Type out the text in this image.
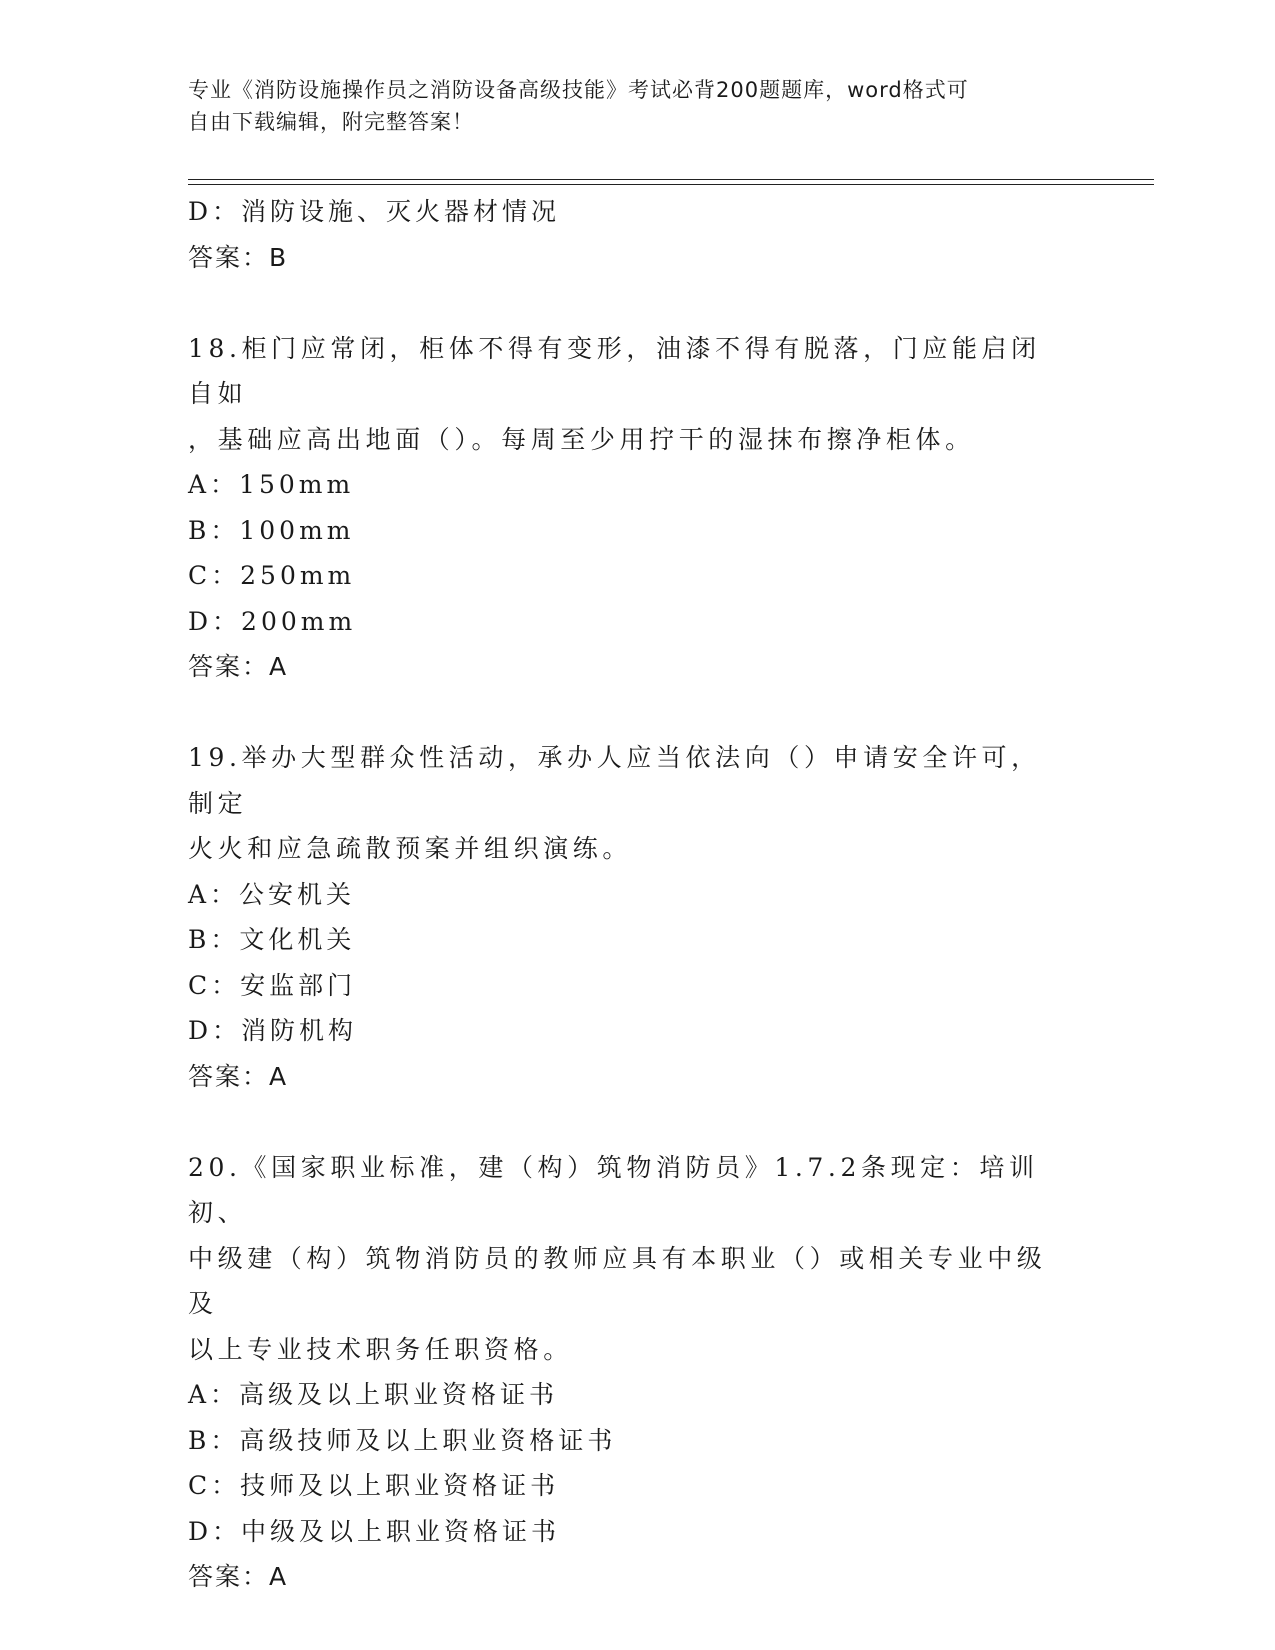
专业《消防设施操作员之消防设备高级技能》考试必背200题题库，word格式可
自由下载编辑，附完整答案！
D：消防设施、灭火器材情况
答案：B
18.柜门应常闭，柜体不得有变形，油漆不得有脱落，门应能启闭自如
，基础应高出地面（）。每周至少用拧干的湿抹布擦净柜体。
A：150mm
B：100mm
C：250mm
D：200mm
答案：A
19.举办大型群众性活动，承办人应当依法向（）申请安全许可，制定
火火和应急疏散预案并组织演练。
A：公安机关
B：文化机关
C：安监部门
D：消防机构
答案：A
20.《国家职业标准，建（构）筑物消防员》1.7.2条现定：培训初、
中级建（构）筑物消防员的教师应具有本职业（）或相关专业中级及
以上专业技术职务任职资格。
A：高级及以上职业资格证书
B：高级技师及以上职业资格证书
C：技师及以上职业资格证书
D：中级及以上职业资格证书
答案：A
